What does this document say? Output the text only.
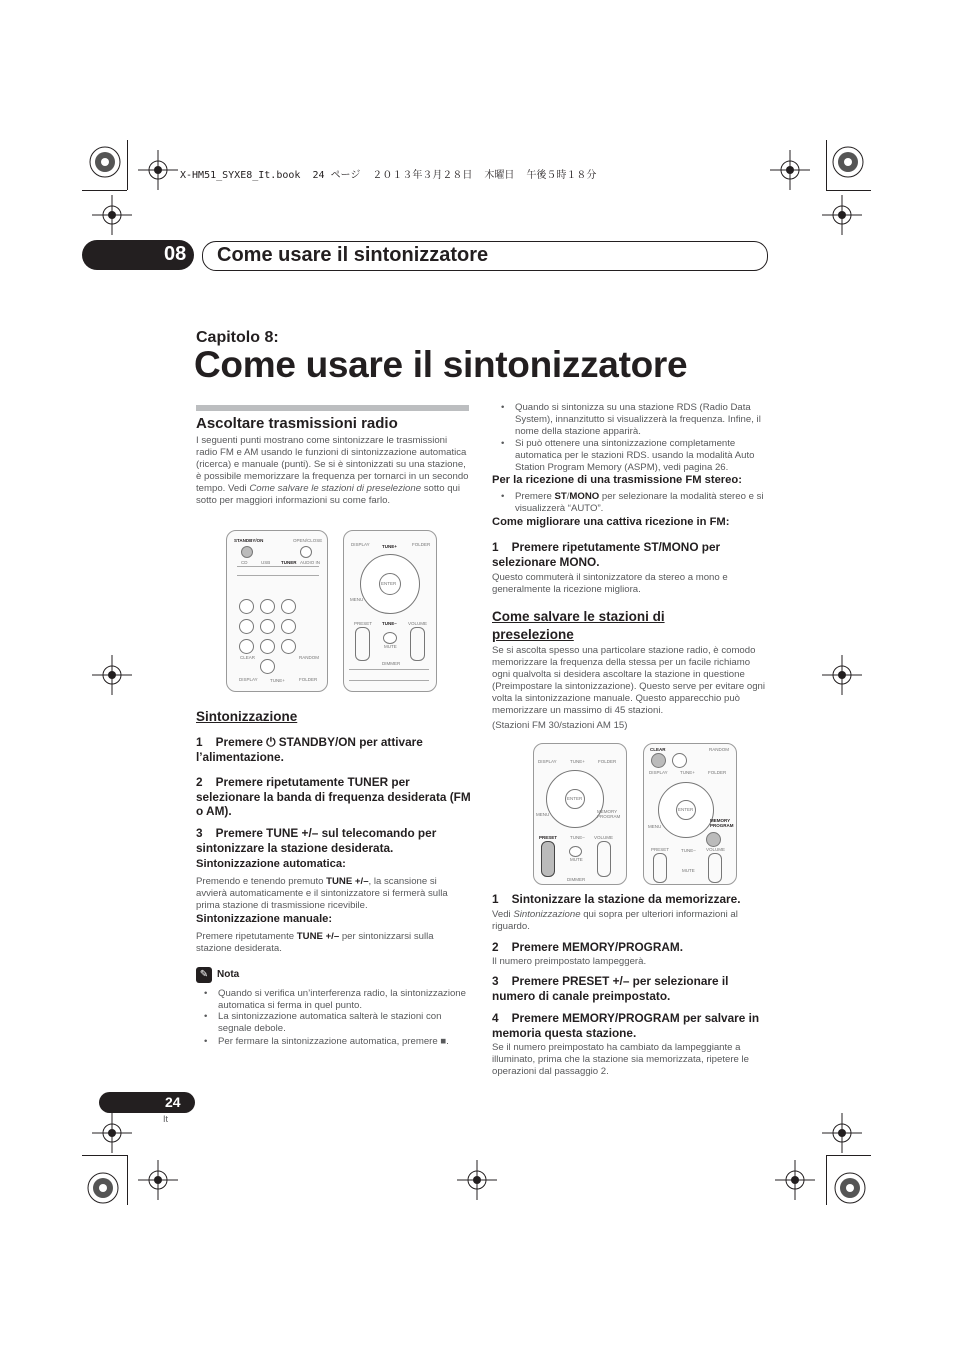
X-HM51_SYXE8_It.book  24 ページ  ２０１３年３月２８日  木曜日  午後５時１８分
08 Come usare il sintonizzatore
Capitolo 8:
Come usare il sintonizzatore
Ascoltare trasmissioni radio
I seguenti punti mostrano come sintonizzare le trasmissioni radio FM e AM usando le funzioni di sintonizzazione automatica (ricerca) e manuale (punti). Se si è sintonizzati su una stazione, è possibile memorizzare la frequenza per tornarci in un secondo tempo. Vedi Come salvare le stazioni di preselezione sotto qui sotto per maggiori informazioni su come farlo.
STANDBY/ON	OPEN/CLOSE
CD	USB TUNER AUDIO IN
CLEAR	RANDOM
DISPLAY	TUNE+	FOLDER
DISPLAY	FOLDER
TUNE+
ENTER
MENU
TUNE–
PRESET	VOLUME
MUTE
DIMMER
Sintonizzazione
1    Premere ⏻ STANDBY/ON per attivare l’alimentazione.
2    Premere ripetutamente TUNER per selezionare la banda di frequenza desiderata (FM o AM).
3    Premere TUNE +/– sul telecomando per sintonizzare la stazione desiderata.
Sintonizzazione automatica:
Premendo e tenendo premuto TUNE +/–, la scansione si avvierà automaticamente e il sintonizzatore si fermerà sulla prima stazione di trasmissione ricevibile.
Sintonizzazione manuale:
Premere ripetutamente TUNE +/– per sintonizzarsi sulla stazione desiderata.
✎ Nota
• Quando si verifica un’interferenza radio, la sintonizzazione automatica si ferma in quel punto.
• La sintonizzazione automatica salterà le stazioni con segnale debole.
• Per fermare la sintonizzazione automatica, premere ■.
• Quando si sintonizza su una stazione RDS (Radio Data System), innanzitutto si visualizzerà la frequenza. Infine, il nome della stazione apparirà.
• Si può ottenere una sintonizzazione completamente automatica per le stazioni RDS. usando la modalità Auto Station Program Memory (ASPM), vedi pagina 26.
Per la ricezione di una trasmissione FM stereo:
• Premere ST/MONO per selezionare la modalità stereo e si visualizzerà “AUTO”.
Come migliorare una cattiva ricezione in FM:
1    Premere ripetutamente ST/MONO per selezionare MONO.
Questo commuterà il sintonizzatore da stereo a mono e generalmente la ricezione migliora.
Come salvare le stazioni di preselezione
Se si ascolta spesso una particolare stazione radio, è comodo memorizzare la frequenza della stessa per un facile richiamo ogni qualvolta si desidera ascoltare la stazione in questione (Preimpostare la sintonizzazione). Questo serve per evitare ogni volta la sintonizzazione manuale. Questo apparecchio può memorizzare un massimo di 45 stazioni.
(Stazioni FM 30/stazioni AM 15)
DISPLAY	TUNE+	FOLDER
ENTER
MENU
MEMORY PROGRAM
PRESET	TUNE– VOLUME
MUTE
DIMMER
CLEAR	RANDOM
DISPLAY	TUNE+	FOLDER
ENTER
MENU
MEMORY PROGRAM
PRESET	TUNE– VOLUME
MUTE
1    Sintonizzare la stazione da memorizzare.
Vedi Sintonizzazione qui sopra per ulteriori informazioni al riguardo.
2    Premere MEMORY/PROGRAM.
Il numero preimpostato lampeggerà.
3    Premere PRESET +/– per selezionare il numero di canale preimpostato.
4    Premere MEMORY/PROGRAM per salvare in memoria questa stazione.
Se il numero preimpostato ha cambiato da lampeggiante a illuminato, prima che la stazione sia memorizzata, ripetere le operazioni dal passaggio 2.
24
It
